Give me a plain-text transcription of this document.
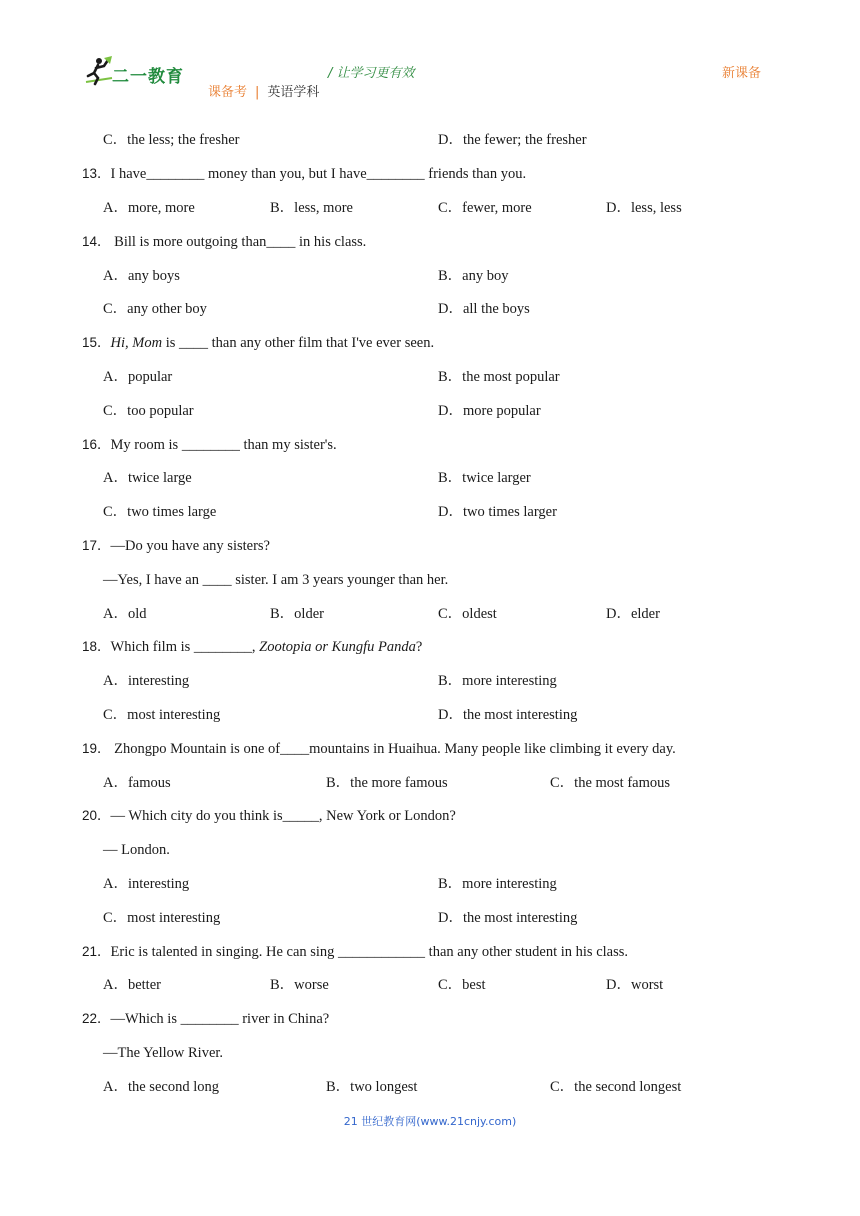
二一教育	/ 让学习更有效
课备考 | 英语学科
新课备
C．the less; the fresher	D．the fewer; the fresher
13．I have________ money than you, but I have________ friends than you.
A．more, more	B．less, more	C．fewer, more	D．less, less
14． Bill is more outgoing than____ in his class.
A．any boys	B．any boy
C．any other boy	D．all the boys
15．Hi, Mom is ____ than any other film that I've ever seen.
A．popular	B．the most popular
C．too popular	D．more popular
16．My room is ________ than my sister's.
A．twice large	B．twice larger
C．two times large	D．two times larger
17．—Do you have any sisters?
—Yes, I have an ____ sister. I am 3 years younger than her.
A．old	B．older	C．oldest	D．elder
18．Which film is ________, Zootopia or Kungfu Panda?
A．interesting	B．more interesting
C．most interesting	D．the most interesting
19． Zhongpo Mountain is one of____mountains in Huaihua. Many people like climbing it every day.
A．famous	B．the more famous	C．the most famous
20．— Which city do you think is_____, New York or London?
— London.
A．interesting	B．more interesting
C．most interesting	D．the most interesting
21．Eric is talented in singing. He can sing ____________ than any other student in his class.
A．better	B．worse	C．best	D．worst
22．—Which is ________ river in China?
—The Yellow River.
A．the second long	B．two longest	C．the second longest
21 世纪教育网(www.21cnjy.com)
